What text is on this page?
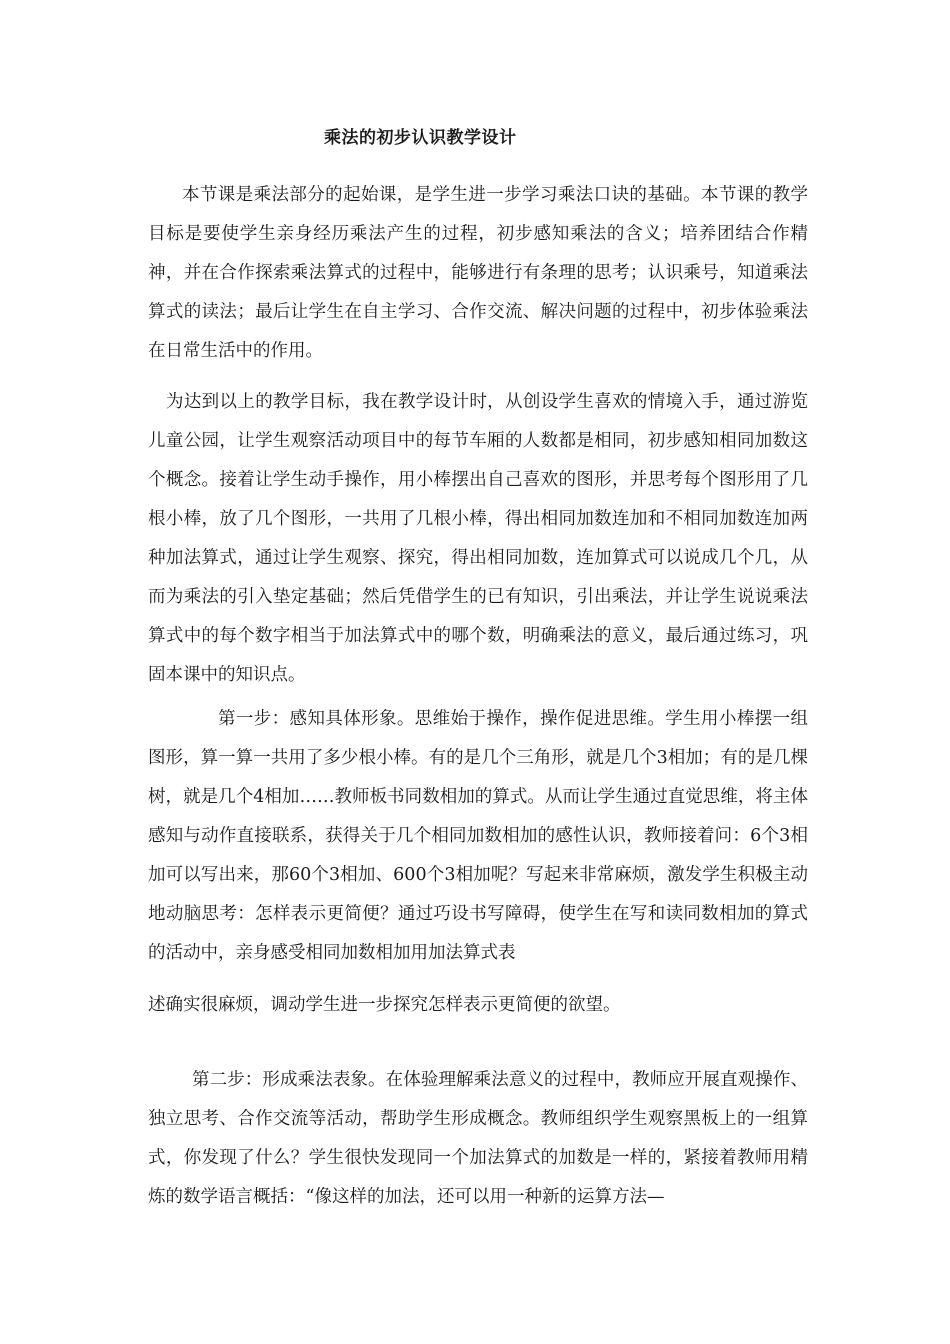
乘法的初步认识教学设计
本节课是乘法部分的起始课，是学生进一步学习乘法口诀的基础。本节课的教学目标是要使学生亲身经历乘法产生的过程，初步感知乘法的含义；培养团结合作精神，并在合作探索乘法算式的过程中，能够进行有条理的思考；认识乘号，知道乘法算式的读法；最后让学生在自主学习、合作交流、解决问题的过程中，初步体验乘法在日常生活中的作用。
为达到以上的教学目标，我在教学设计时，从创设学生喜欢的情境入手，通过游览儿童公园，让学生观察活动项目中的每节车厢的人数都是相同，初步感知相同加数这个概念。接着让学生动手操作，用小棒摆出自己喜欢的图形，并思考每个图形用了几根小棒，放了几个图形，一共用了几根小棒，得出相同加数连加和不相同加数连加两种加法算式，通过让学生观察、探究，得出相同加数，连加算式可以说成几个几，从而为乘法的引入垫定基础；然后凭借学生的已有知识，引出乘法，并让学生说说乘法算式中的每个数字相当于加法算式中的哪个数，明确乘法的意义，最后通过练习，巩固本课中的知识点。
第一步：感知具体形象。思维始于操作，操作促进思维。学生用小棒摆一组图形，算一算一共用了多少根小棒。有的是几个三角形，就是几个3相加；有的是几棵树，就是几个4相加……教师板书同数相加的算式。从而让学生通过直觉思维，将主体感知与动作直接联系，获得关于几个相同加数相加的感性认识，教师接着问：6个3相加可以写出来，那60个3相加、600个3相加呢？写起来非常麻烦，激发学生积极主动地动脑思考：怎样表示更简便？通过巧设书写障碍，使学生在写和读同数相加的算式的活动中，亲身感受相同加数相加用加法算式表
述确实很麻烦，调动学生进一步探究怎样表示更简便的欲望。
第二步：形成乘法表象。在体验理解乘法意义的过程中，教师应开展直观操作、独立思考、合作交流等活动，帮助学生形成概念。教师组织学生观察黑板上的一组算式，你发现了什么？学生很快发现同一个加法算式的加数是一样的，紧接着教师用精炼的数学语言概括：“像这样的加法，还可以用一种新的运算方法—
